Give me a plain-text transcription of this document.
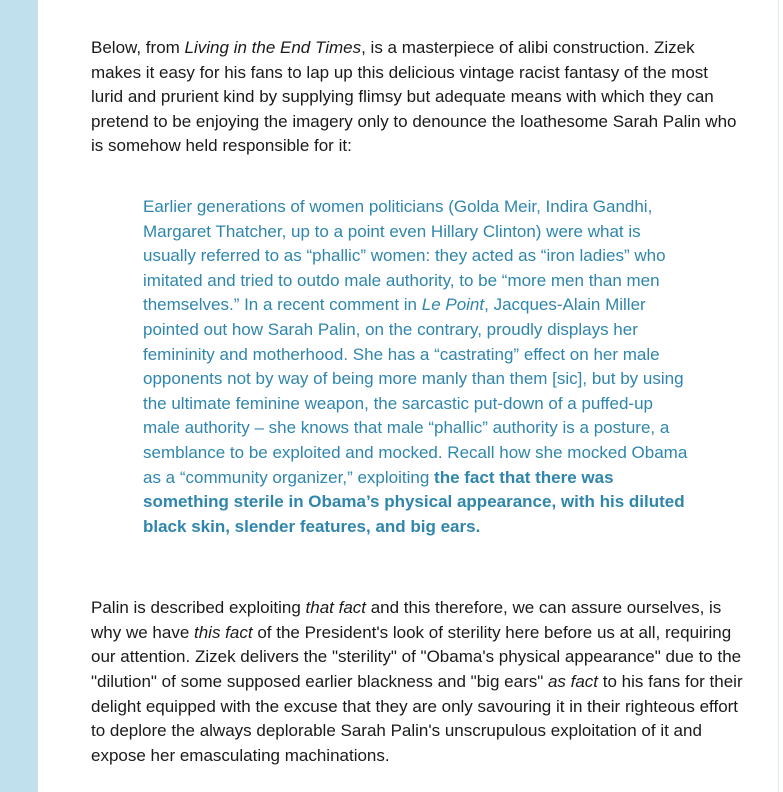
Below, from Living in the End Times, is a masterpiece of alibi construction. Zizek makes it easy for his fans to lap up this delicious vintage racist fantasy of the most lurid and prurient kind by supplying flimsy but adequate means with which they can pretend to be enjoying the imagery only to denounce the loathesome Sarah Palin who is somehow held responsible for it:

Earlier generations of women politicians (Golda Meir, Indira Gandhi, Margaret Thatcher, up to a point even Hillary Clinton) were what is usually referred to as “phallic” women: they acted as “iron ladies” who imitated and tried to outdo male authority, to be “more men than men themselves.” In a recent comment in Le Point, Jacques-Alain Miller pointed out how Sarah Palin, on the contrary, proudly displays her femininity and motherhood. She has a “castrating” effect on her male opponents not by way of being more manly than them [sic], but by using the ultimate feminine weapon, the sarcastic put-down of a puffed-up male authority – she knows that male “phallic” authority is a posture, a semblance to be exploited and mocked. Recall how she mocked Obama as a “community organizer,” exploiting the fact that there was something sterile in Obama’s physical appearance, with his diluted black skin, slender features, and big ears.

Palin is described exploiting that fact and this therefore, we can assure ourselves, is why we have this fact of the President's look of sterility here before us at all, requiring our attention. Zizek delivers the "sterility" of "Obama's physical appearance" due to the "dilution" of some supposed earlier blackness and "big ears" as fact to his fans for their delight equipped with the excuse that they are only savouring it in their righteous effort to deplore the always deplorable Sarah Palin's unscrupulous exploitation of it and expose her emasculating machinations.
